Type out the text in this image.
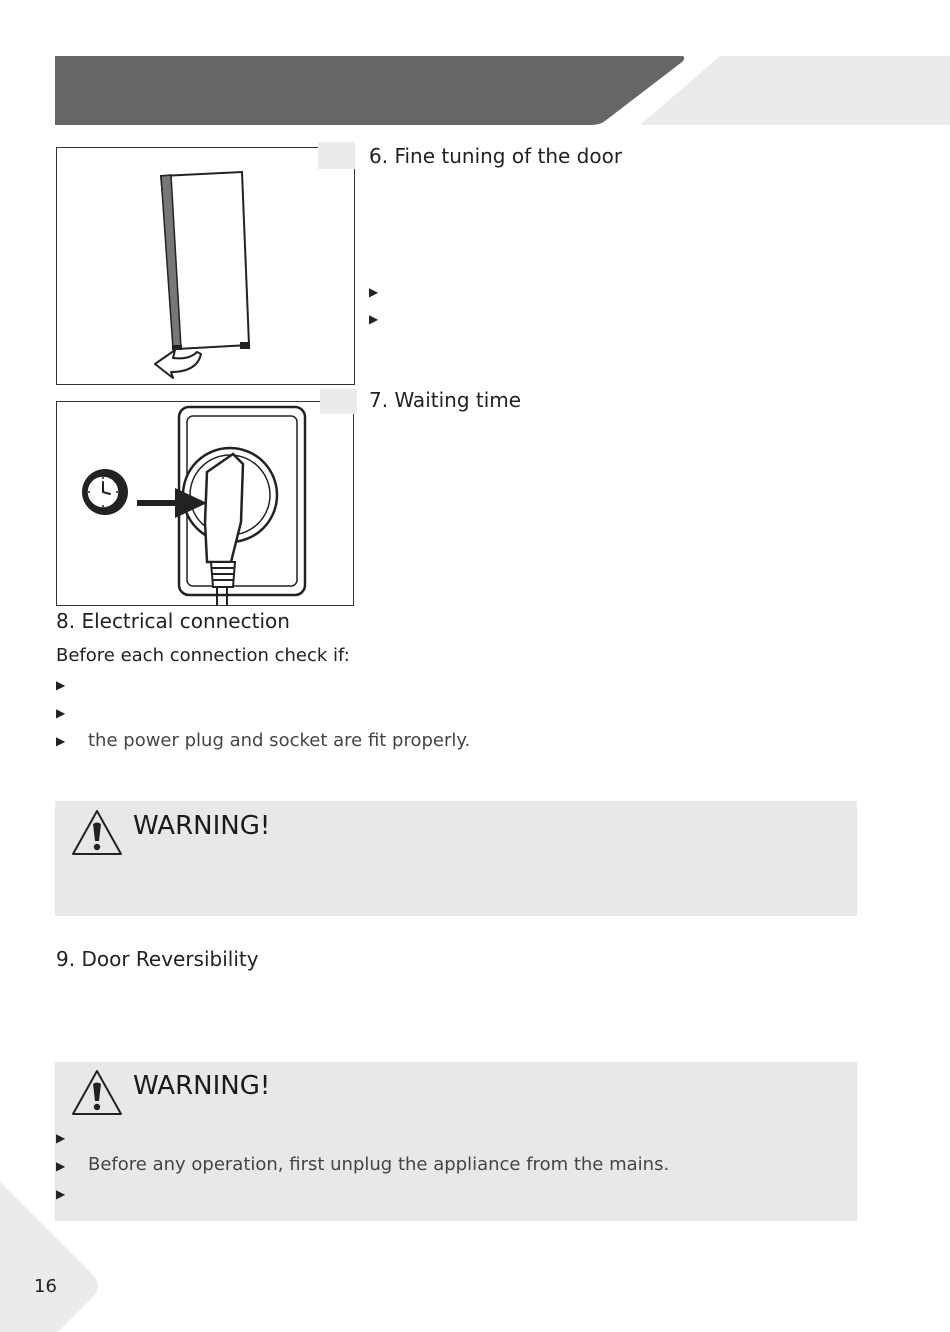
6. Fine tuning of the door
▶
▶
7. Waiting time
8. Electrical connection
Before each connection check if:
▶
▶
▶ the power plug and socket are fit properly.
WARNING!
9. Door Reversibility
WARNING!
▶
▶ Before any operation, first unplug the appliance from the mains.
▶
16
